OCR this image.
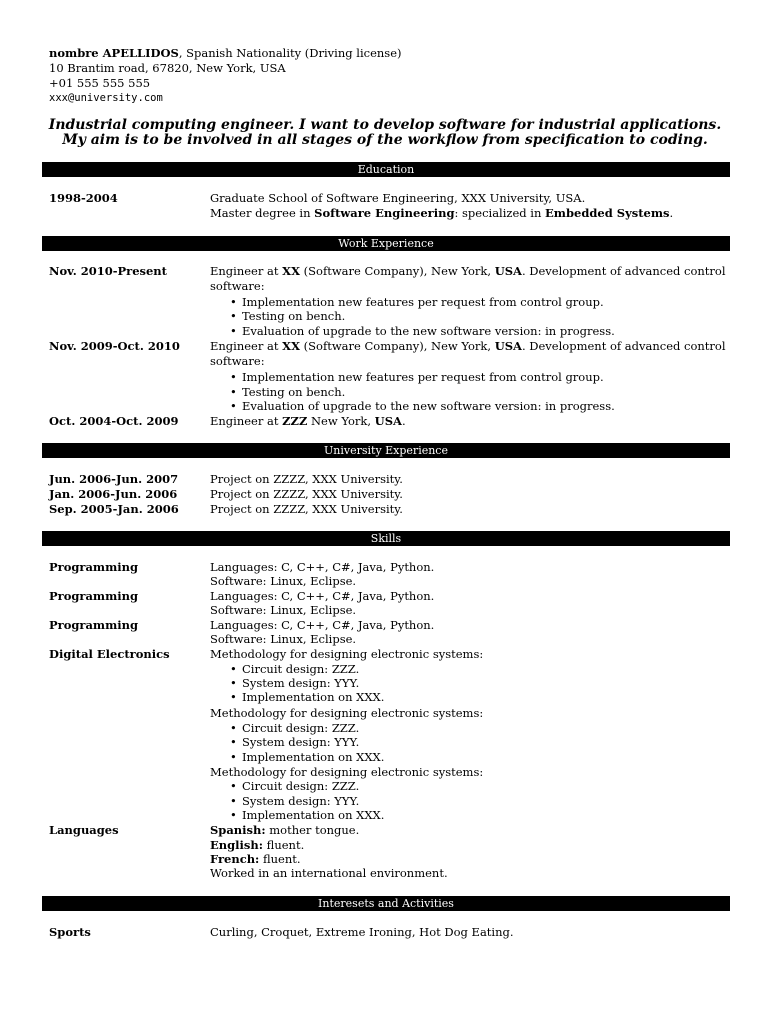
nombre APELLIDOS, Spanish Nationality (Driving license)
10 Brantim road, 67820, New York, USA
+01 555 555 555
xxx@university.com
Industrial computing engineer. I want to develop software for industrial applications.
My aim is to be involved in all stages of the workflow from specification to coding.
Education
1998-2004	Graduate School of Software Engineering, XXX University, USA.
Master degree in Software Engineering: specialized in Embedded Systems.
Work Experience
Nov. 2010-Present	Engineer at XX (Software Company), New York, USA. Development of advanced control
software:
• Implementation new features per request from control group.
• Testing on bench.
• Evaluation of upgrade to the new software version: in progress.
Nov. 2009-Oct. 2010	Engineer at XX (Software Company), New York, USA. Development of advanced control
software:
• Implementation new features per request from control group.
• Testing on bench.
• Evaluation of upgrade to the new software version: in progress.
Oct. 2004-Oct. 2009	Engineer at ZZZ New York, USA.
University Experience
Jun. 2006-Jun. 2007	Project on ZZZZ, XXX University.
Jan. 2006-Jun. 2006	Project on ZZZZ, XXX University.
Sep. 2005-Jan. 2006	Project on ZZZZ, XXX University.
Skills
Programming	Languages: C, C++, C#, Java, Python.
Software: Linux, Eclipse.
Programming	Languages: C, C++, C#, Java, Python.
Software: Linux, Eclipse.
Programming	Languages: C, C++, C#, Java, Python.
Software: Linux, Eclipse.
Digital Electronics	Methodology for designing electronic systems:
• Circuit design: ZZZ.
• System design: YYY.
• Implementation on XXX.
Methodology for designing electronic systems:
• Circuit design: ZZZ.
• System design: YYY.
• Implementation on XXX.
Methodology for designing electronic systems:
• Circuit design: ZZZ.
• System design: YYY.
• Implementation on XXX.
Languages	Spanish: mother tongue.
English: fluent.
French: fluent.
Worked in an international environment.
Interesets and Activities
Sports	Curling, Croquet, Extreme Ironing, Hot Dog Eating.
